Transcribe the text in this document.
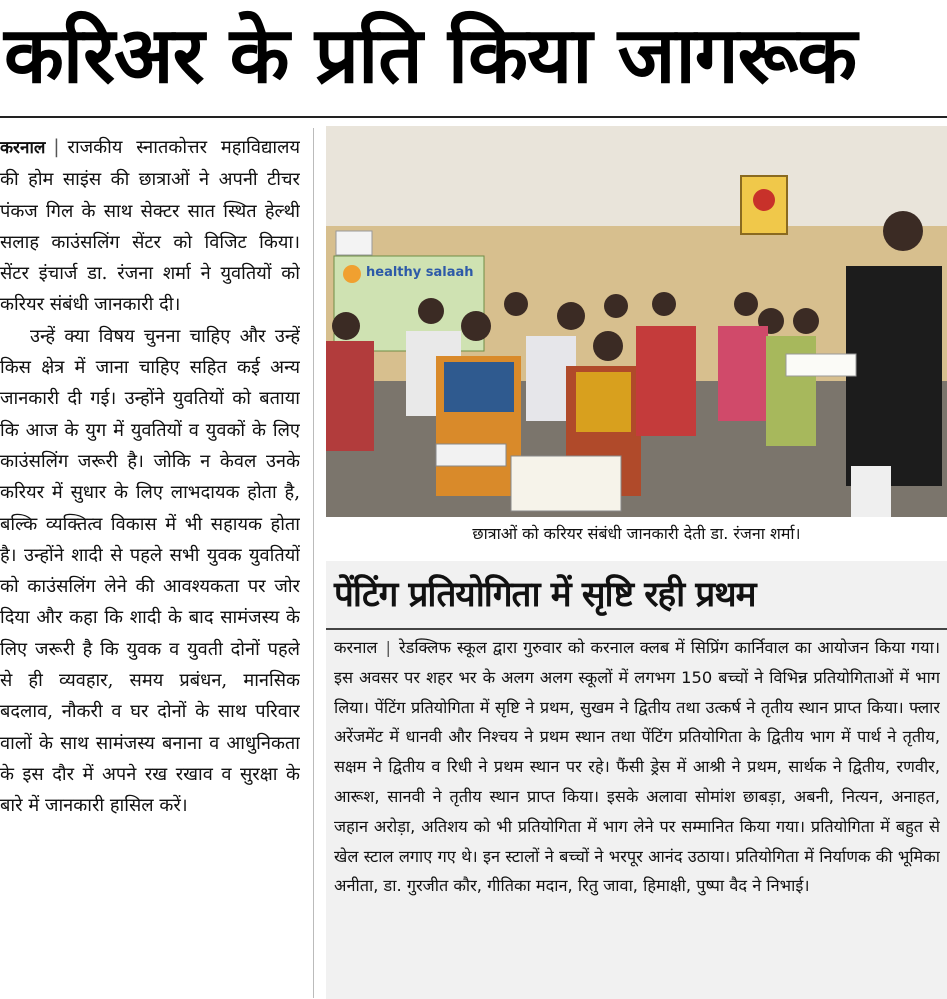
करिअर के प्रति किया जागरूक

करनाल | राजकीय स्नातकोत्तर महाविद्यालय की होम साइंस की छात्राओं ने अपनी टीचर पंकज गिल के साथ सेक्टर सात स्थित हेल्थी सलाह काउंसलिंग सेंटर को विजिट किया। सेंटर इंचार्ज डा. रंजना शर्मा ने युवतियों को करियर संबंधी जानकारी दी।

उन्हें क्या विषय चुनना चाहिए और उन्हें किस क्षेत्र में जाना चाहिए सहित कई अन्य जानकारी दी गई। उन्होंने युवतियों को बताया कि आज के युग में युवतियों व युवकों के लिए काउंसलिंग जरूरी है। जोकि न केवल उनके करियर में सुधार के लिए लाभदायक होता है, बल्कि व्यक्तित्व विकास में भी सहायक होता है। उन्होंने शादी से पहले सभी युवक युवतियों को काउंसलिंग लेने की आवश्यकता पर जोर दिया और कहा कि शादी के बाद सामंजस्य के लिए जरूरी है कि युवक व युवती दोनों पहले से ही व्यवहार, समय प्रबंधन, मानसिक बदलाव, नौकरी व घर दोनों के साथ परिवार वालों के साथ सामंजस्य बनाना व आधुनिकता के इस दौर में अपने रख रखाव व सुरक्षा के बारे में जानकारी हासिल करें।

healthy salaah
छात्राओं को करियर संबंधी जानकारी देती डा. रंजना शर्मा।
पेंटिंग प्रतियोगिता में सृष्टि रही प्रथम

करनाल | रेडक्लिफ स्कूल द्वारा गुरुवार को करनाल क्लब में सिप्रिंग कार्निवाल का आयोजन किया गया। इस अवसर पर शहर भर के अलग अलग स्कूलों में लगभग 150 बच्चों ने विभिन्न प्रतियोगिताओं में भाग लिया। पेंटिंग प्रतियोगिता में सृष्टि ने प्रथम, सुखम ने द्वितीय तथा उत्कर्ष ने तृतीय स्थान प्राप्त किया। फ्लार अरेंजमेंट में धानवी और निश्चय ने प्रथम स्थान तथा पेंटिंग प्रतियोगिता के द्वितीय भाग में पार्थ ने तृतीय, सक्षम ने द्वितीय व रिधी ने प्रथम स्थान पर रहे। फैंसी ड्रेस में आश्री ने प्रथम, सार्थक ने द्वितीय, रणवीर, आरूश, सानवी ने तृतीय स्थान प्राप्त किया। इसके अलावा सोमांश छाबड़ा, अबनी, नित्यन, अनाहत, जहान अरोड़ा, अतिशय को भी प्रतियोगिता में भाग लेने पर सम्मानित किया गया। प्रतियोगिता में बहुत से खेल स्टाल लगाए गए थे। इन स्टालों ने बच्चों ने भरपूर आनंद उठाया। प्रतियोगिता में निर्याणक की भूमिका अनीता, डा. गुरजीत कौर, गीतिका मदान, रितु जावा, हिमाक्षी, पुष्पा वैद ने निभाई।
